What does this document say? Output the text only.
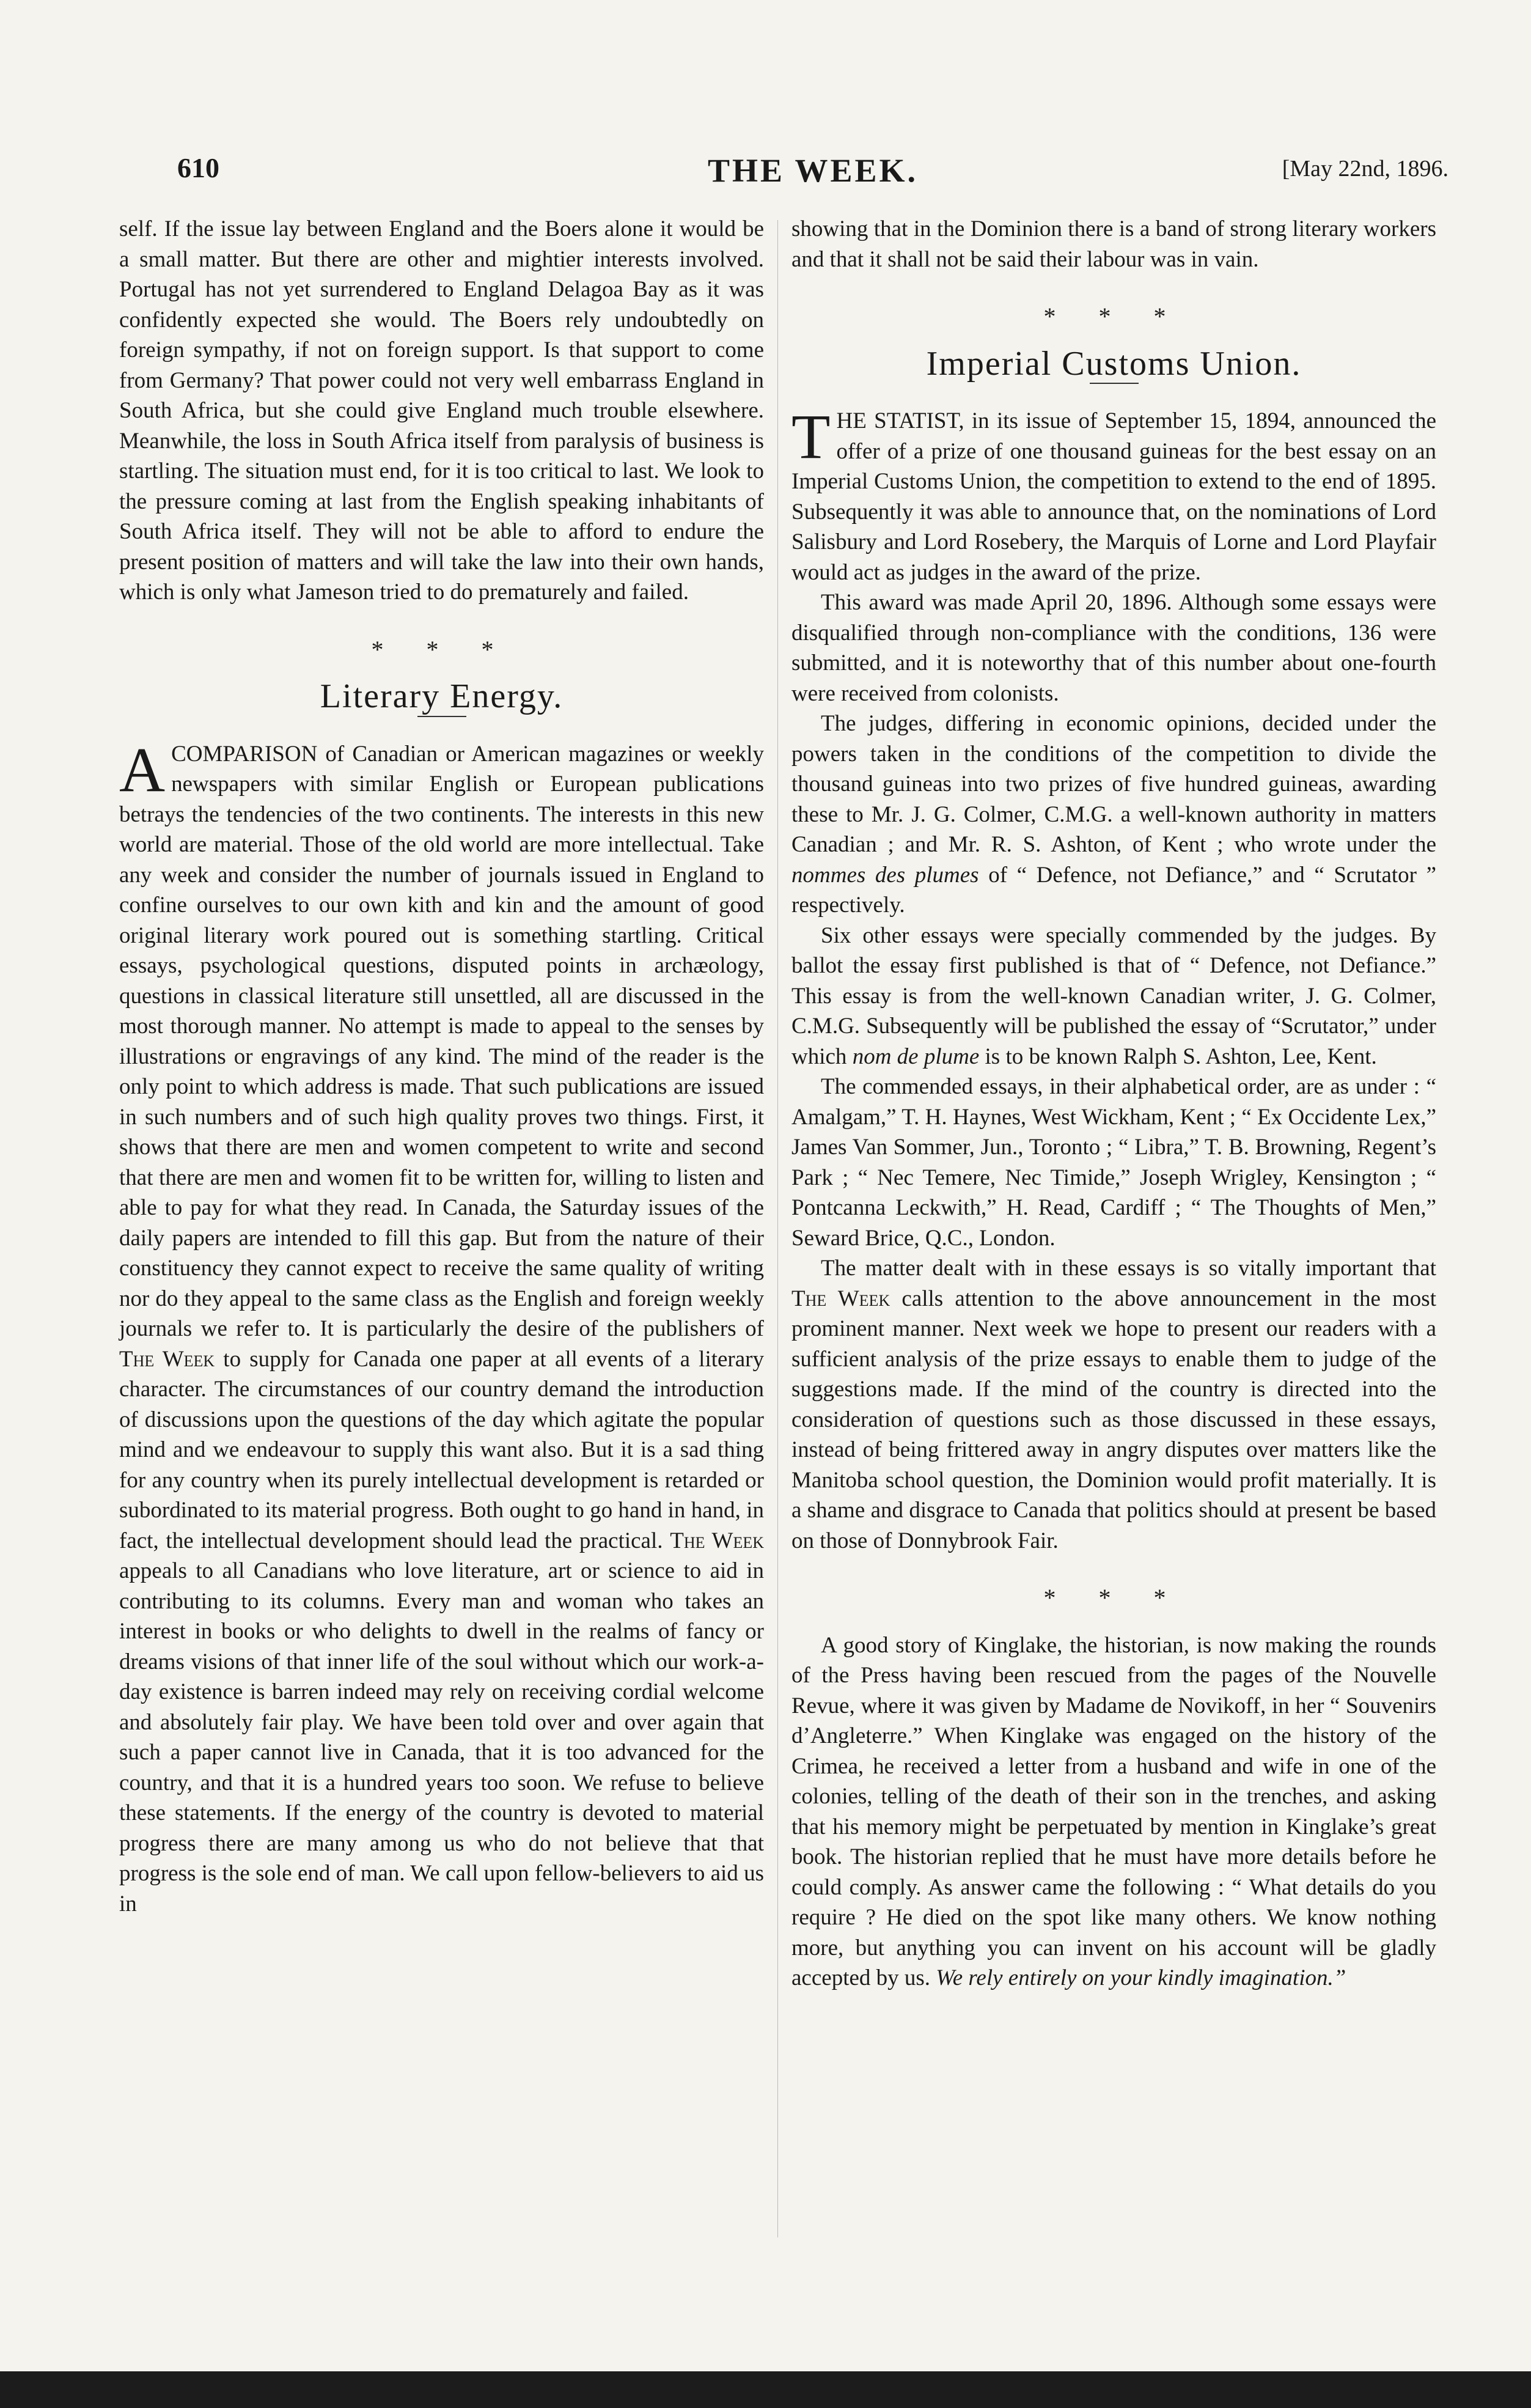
THE WEEK.
610	[May 22nd, 1896.

self. If the issue lay between England and the Boers alone it would be a small matter. But there are other and mightier interests involved. Portugal has not yet surrendered to England Delagoa Bay as it was confidently expected she would. The Boers rely undoubtedly on foreign sympathy, if not on foreign support. Is that support to come from Germany? That power could not very well embarrass England in South Africa, but she could give England much trouble elsewhere. Meanwhile, the loss in South Africa itself from paralysis of business is startling. The situation must end, for it is too critical to last. We look to the pressure coming at last from the English speaking inhabitants of South Africa itself. They will not be able to afford to endure the present position of matters and will take the law into their own hands, which is only what Jameson tried to do prematurely and failed.

* * *
Literary Energy.

ACOMPARISON of Canadian or American magazines or weekly newspapers with similar English or European publications betrays the tendencies of the two continents. The interests in this new world are material. Those of the old world are more intellectual. Take any week and consider the number of journals issued in England to confine ourselves to our own kith and kin and the amount of good original literary work poured out is something startling. Critical essays, psychological questions, disputed points in archæology, questions in classical literature still unsettled, all are discussed in the most thorough manner. No attempt is made to appeal to the senses by illustrations or engravings of any kind. The mind of the reader is the only point to which address is made. That such publications are issued in such numbers and of such high quality proves two things. First, it shows that there are men and women competent to write and second that there are men and women fit to be written for, willing to listen and able to pay for what they read. In Canada, the Saturday issues of the daily papers are intended to fill this gap. But from the nature of their constituency they cannot expect to receive the same quality of writing nor do they appeal to the same class as the English and foreign weekly journals we refer to. It is particularly the desire of the publishers of The Week to supply for Canada one paper at all events of a literary character. The circumstances of our country demand the introduction of discussions upon the questions of the day which agitate the popular mind and we endeavour to supply this want also. But it is a sad thing for any country when its purely intellectual development is retarded or subordinated to its material progress. Both ought to go hand in hand, in fact, the intellectual development should lead the practical. The Week appeals to all Canadians who love literature, art or science to aid in contributing to its columns. Every man and woman who takes an interest in books or who delights to dwell in the realms of fancy or dreams visions of that inner life of the soul without which our work-a-day existence is barren indeed may rely on receiving cordial welcome and absolutely fair play. We have been told over and over again that such a paper cannot live in Canada, that it is too advanced for the country, and that it is a hundred years too soon. We refuse to believe these statements. If the energy of the country is devoted to material progress there are many among us who do not believe that that progress is the sole end of man. We call upon fellow-believers to aid us in

showing that in the Dominion there is a band of strong literary workers and that it shall not be said their labour was in vain.

* * *
Imperial Customs Union.

THE STATIST, in its issue of September 15, 1894, announced the offer of a prize of one thousand guineas for the best essay on an Imperial Customs Union, the competition to extend to the end of 1895. Subsequently it was able to announce that, on the nominations of Lord Salisbury and Lord Rosebery, the Marquis of Lorne and Lord Playfair would act as judges in the award of the prize.

This award was made April 20, 1896. Although some essays were disqualified through non-compliance with the conditions, 136 were submitted, and it is noteworthy that of this number about one-fourth were received from colonists.

The judges, differing in economic opinions, decided under the powers taken in the conditions of the competition to divide the thousand guineas into two prizes of five hundred guineas, awarding these to Mr. J. G. Colmer, C.M.G. a well-known authority in matters Canadian ; and Mr. R. S. Ashton, of Kent ; who wrote under the nommes des plumes of “ Defence, not Defiance,” and “ Scrutator ” respectively.

Six other essays were specially commended by the judges. By ballot the essay first published is that of “ Defence, not Defiance.” This essay is from the well-known Canadian writer, J. G. Colmer, C.M.G. Subsequently will be published the essay of “Scrutator,” under which nom de plume is to be known Ralph S. Ashton, Lee, Kent.

The commended essays, in their alphabetical order, are as under : “ Amalgam,” T. H. Haynes, West Wickham, Kent ; “ Ex Occidente Lex,” James Van Sommer, Jun., Toronto ; “ Libra,” T. B. Browning, Regent’s Park ; “ Nec Temere, Nec Timide,” Joseph Wrigley, Kensington ; “ Pontcanna Leckwith,” H. Read, Cardiff ; “ The Thoughts of Men,” Seward Brice, Q.C., London.

The matter dealt with in these essays is so vitally important that The Week calls attention to the above announcement in the most prominent manner. Next week we hope to present our readers with a sufficient analysis of the prize essays to enable them to judge of the suggestions made. If the mind of the country is directed into the consideration of questions such as those discussed in these essays, instead of being frittered away in angry disputes over matters like the Manitoba school question, the Dominion would profit materially. It is a shame and disgrace to Canada that politics should at present be based on those of Donnybrook Fair.

* * *

A good story of Kinglake, the historian, is now making the rounds of the Press having been rescued from the pages of the Nouvelle Revue, where it was given by Madame de Novikoff, in her “ Souvenirs d’Angleterre.” When Kinglake was engaged on the history of the Crimea, he received a letter from a husband and wife in one of the colonies, telling of the death of their son in the trenches, and asking that his memory might be perpetuated by mention in Kinglake’s great book. The historian replied that he must have more details before he could comply. As answer came the following : “ What details do you require ? He died on the spot like many others. We know nothing more, but anything you can invent on his account will be gladly accepted by us. We rely entirely on your kindly imagination.”
